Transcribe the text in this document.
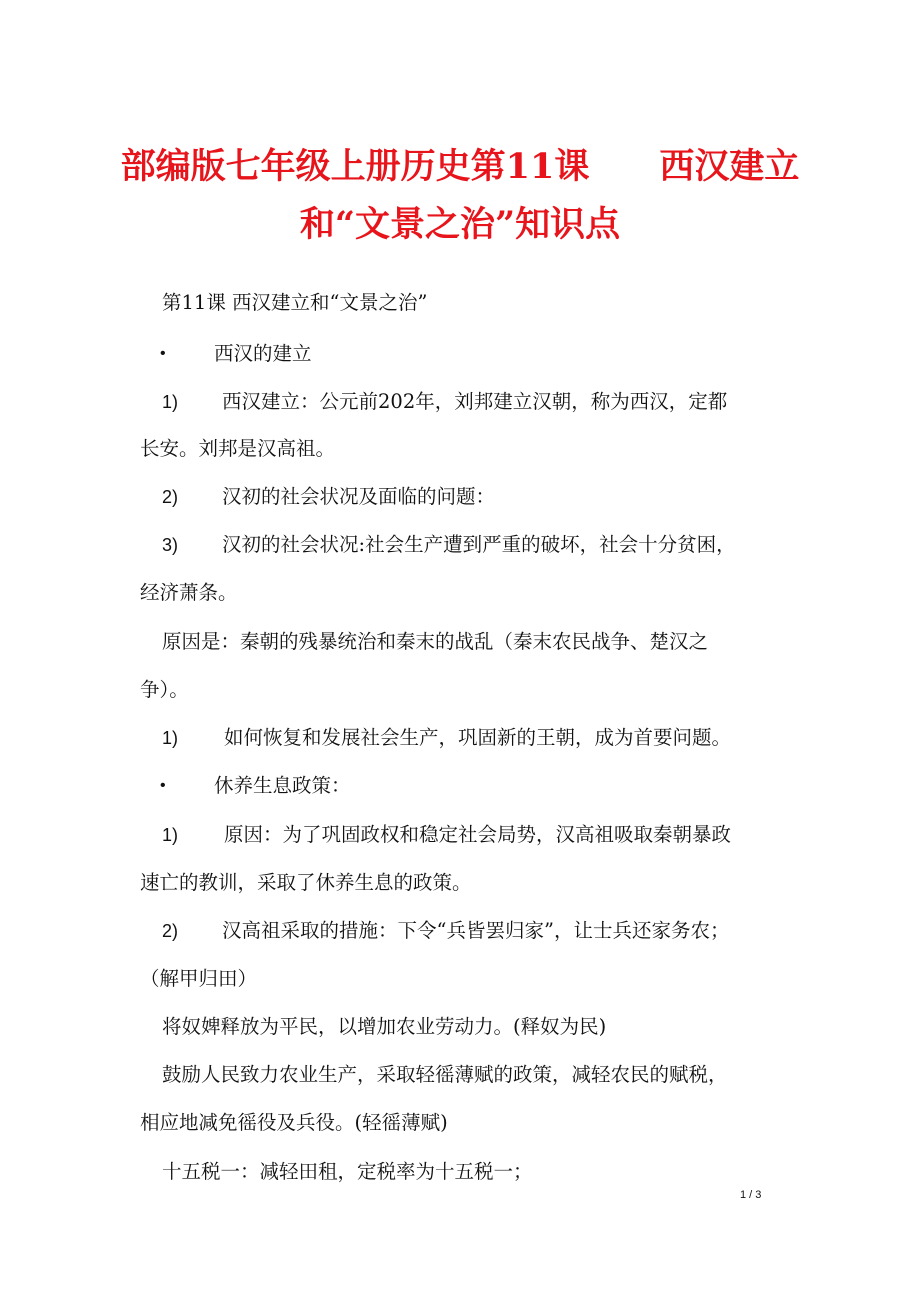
部编版七年级上册历史第11课　　西汉建立
和“文景之治”知识点

第11课 西汉建立和“文景之治”

• 西汉的建立

1) 西汉建立：公元前202年，刘邦建立汉朝，称为西汉，定都

长安。刘邦是汉高祖。

2) 汉初的社会状况及面临的问题：

3) 汉初的社会状况:社会生产遭到严重的破坏，社会十分贫困，

经济萧条。

原因是：秦朝的残暴统治和秦末的战乱（秦末农民战争、楚汉之

争）。

1) 如何恢复和发展社会生产，巩固新的王朝，成为首要问题。

• 休养生息政策：

1) 原因：为了巩固政权和稳定社会局势，汉高祖吸取秦朝暴政

速亡的教训，采取了休养生息的政策。

2) 汉高祖采取的措施：下令“兵皆罢归家”，让士兵还家务农；

（解甲归田）

将奴婢释放为平民，以增加农业劳动力。(释奴为民)

鼓励人民致力农业生产，采取轻徭薄赋的政策，减轻农民的赋税，

相应地减免徭役及兵役。(轻徭薄赋)

十五税一：减轻田租，定税率为十五税一；

1 / 3
